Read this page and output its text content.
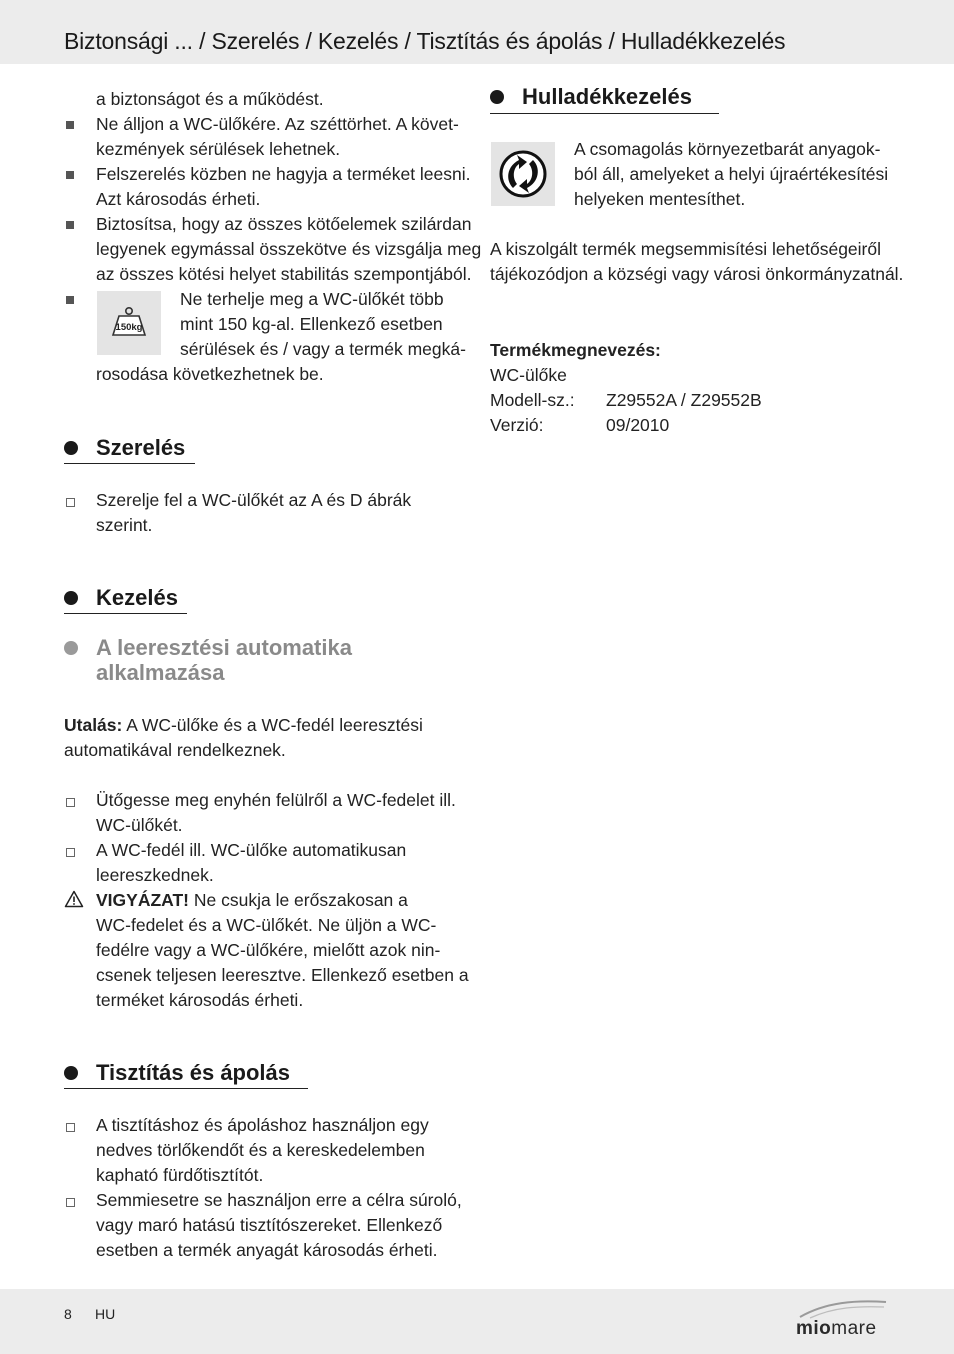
Biztonsági ... / Szerelés / Kezelés / Tisztítás és ápolás / Hulladékkezelés
a biztonságot és a működést.
Ne álljon a WC-ülőkére. Az széttörhet. A követ-
kezmények sérülések lehetnek.
Felszerelés közben ne hagyja a terméket leesni.
Azt károsodás érheti.
Biztosítsa, hogy az összes kötőelemek szilárdan
legyenek egymással összekötve és vizsgálja meg
az összes kötési helyet stabilitás szempontjából.
150kg
Ne terhelje meg a WC-ülőkét több
mint 150 kg-al. Ellenkező esetben
sérülések és / vagy a termék megká-
rosodása következhetnek be.
Szerelés
Szerelje fel a WC-ülőkét az A és D ábrák
szerint.
Kezelés
A leeresztési automatika
alkalmazása
Utalás: A WC-ülőke és a WC-fedél leeresztési
automatikával rendelkeznek.
Ütőgesse meg enyhén felülről a WC-fedelet ill.
WC-ülőkét.
A WC-fedél ill. WC-ülőke automatikusan
leereszkednek.
VIGYÁZAT! Ne csukja le erőszakosan a
WC-fedelet és a WC-ülőkét. Ne üljön a WC-
fedélre vagy a WC-ülőkére, mielőtt azok nin-
csenek teljesen leeresztve. Ellenkező esetben a
terméket károsodás érheti.
Tisztítás és ápolás
A tisztításhoz és ápoláshoz használjon egy
nedves törlőkendőt és a kereskedelemben
kapható fürdőtisztítót.
Semmiesetre se használjon erre a célra súroló,
vagy maró hatású tisztítószereket. Ellenkező
esetben a termék anyagát károsodás érheti.
Hulladékkezelés
A csomagolás környezetbarát anyagok-
ból áll, amelyeket a helyi újraértékesítési
helyeken mentesíthet.
A kiszolgált termék megsemmisítési lehetőségeiről
tájékozódjon a községi vagy városi önkormányzatnál.
Termékmegnevezés:
WC-ülőke
Modell-sz.: Z29552A / Z29552B
Verzió:	09/2010
8 HU
miomare
